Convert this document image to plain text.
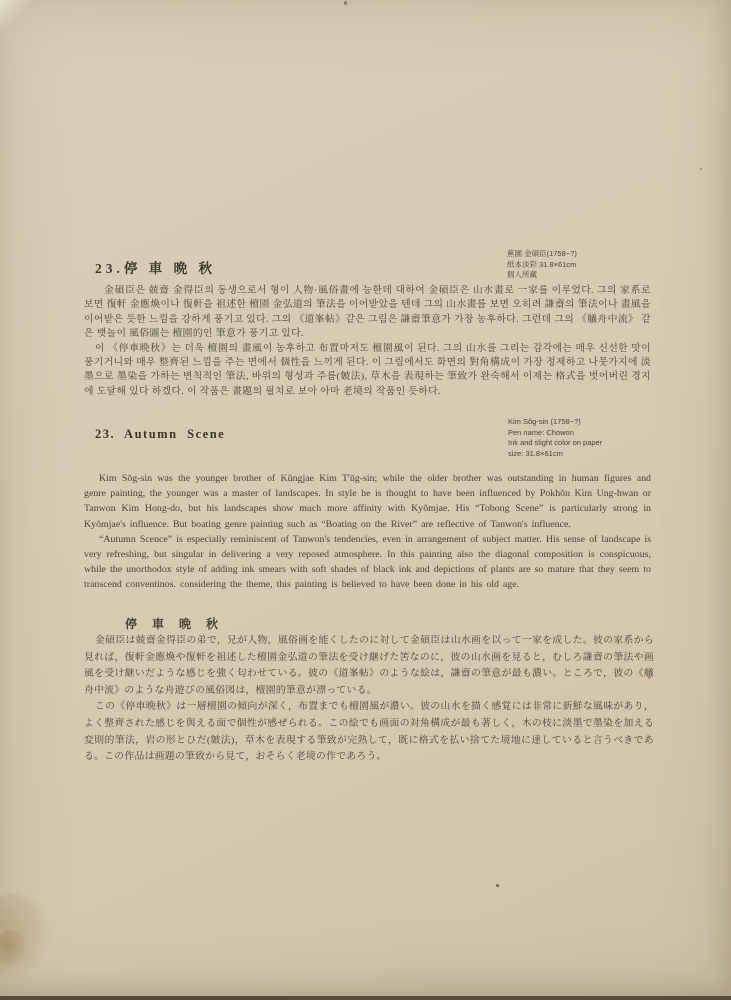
23.停 車 晩 秋
蕉園 金碩臣(1758~?)
紙本淡彩 31.8×61cm
個人所藏

金碩臣은 兢齋 金得臣의 동생으로서 형이 人物·風俗畫에 능한데 대하여 金碩臣은 山水畫로 一家를 이루었다. 그의 家系로 보면 復軒 金應煥이나 復軒을 祖述한 檀園 金弘道의 筆法을 이어받았을 텐데 그의 山水畫를 보면 오히려 謙齋의 筆法이나 畫風을 이어받은 듯한 느낌을 강하게 풍기고 있다. 그의 《道峯帖》같은 그림은 謙齋筆意가 가장 농후하다. 그런데 그의 《艤舟中流》 같은 뱃놀이 風俗圖는 檀園的인 筆意가 풍기고 있다.

이 《停車晩秋》는 더욱 檀園의 畫風이 농후하고 布置마저도 檀園風이 된다. 그의 山水를 그리는 감각에는 매우 신선한 맛이 풍기거니와 매우 整齊된 느낌을 주는 면에서 個性을 느끼게 된다. 이 그림에서도 화면의 對角構成이 가장 정제하고 나뭇가지에 淡墨으로 墨染을 가하는 변칙적인 筆法, 바위의 형성과 주름(皴法), 草木을 表現하는 筆致가 완숙해서 이제는 格式을 벗어버린 경지에 도달해 있다 하겠다. 이 작품은 畫題의 필치로 보아 아마 老境의 작품인 듯하다.

23. Autumn Scene
Kim Sŏg-sin (1758~?)
Pen name: Chowon
Ink and slight color on paper
size: 31.8×61cm

Kim Sŏg-sin was the younger brother of Kŭngjae Kim T'ŭg-sin; while the older brother was outstanding in human figures and genre painting, the younger was a master of landscapes. In style he is thought to have been influenced by Pokhŏn Kim Ung-hwan or Tanwon Kim Hong-do, but his landscapes show much more affinity with Kyŏmjae. His “Tobong Scene” is particularly strong in Kyŏmjae's influence. But boating genre painting such as “Boating on the River” are reflective of Tanwon's influence.

“Autumn Scence” is especially reminiscent of Tanwon's tendencies, even in arrangement of subject matter. His sense of landscape is very refreshing, but singular in delivering a very reposed atmosphere. In this painting also the diagonal composition is conspicuous, while the unorthodox style of adding ink smears with soft shades of black ink and depictions of plants are so mature that they seem to transcend conventinos. considering the theme, this painting is believed to have been done in his old age.

停 車 晩 秋

金碩臣は兢齋金得臣の弟で，兄が人物，風俗画を能くしたのに対して金碩臣は山水画を以って一家を成した。彼の家系から見れば，復軒金應煥や復軒を祖述した檀園金弘道の筆法を受け継げた筈なのに，彼の山水画を見ると，むしろ謙齋の筆法や画風を受け継いだような感じを強く匂わせている。彼の《道峯帖》のような絵は，謙齋の筆意が最も濃い。ところで，彼の《艤舟中流》のような舟遊びの風俗図は，檀園的筆意が漂っている。

この《停車晩秋》は一層檀園の傾向が深く，布置までも檀園風が濃い。彼の山水を描く感覚には非常に新鮮な風味があり，よく整齊された感じを與える面で個性が感ぜられる。この絵でも画面の対角構成が最も著しく，木の枝に淡墨で墨染を加える変則的筆法，岩の形とひだ(皴法)，草木を表現する筆致が完熟して，既に格式を払い捨てた境地に達していると言うべきである。この作品は画題の筆致から見て，おそらく老境の作であろう。
